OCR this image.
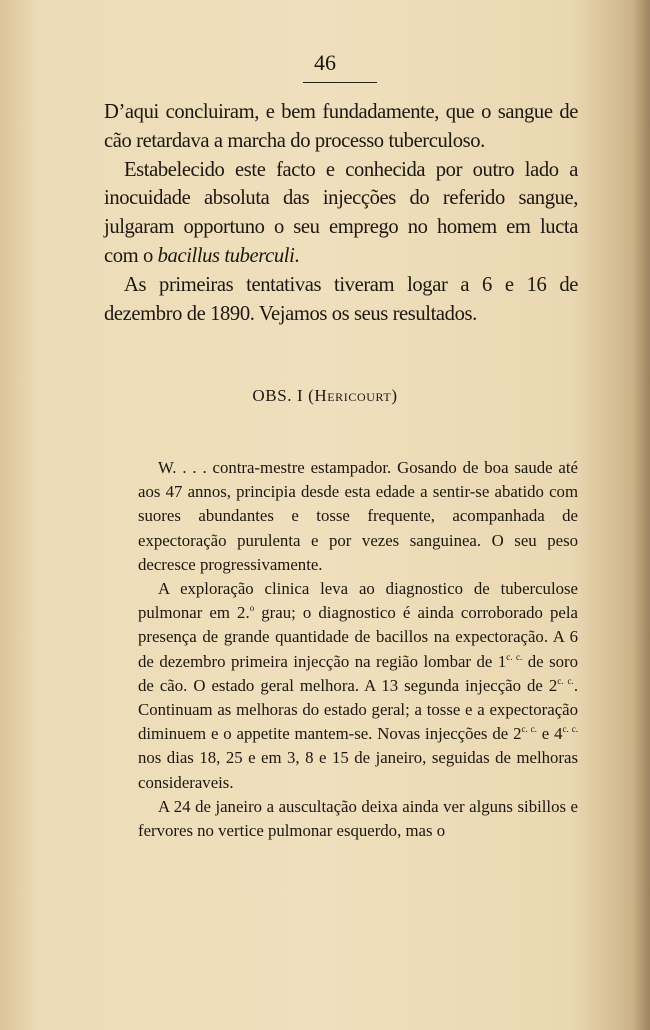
46

D’aqui concluiram, e bem fundadamente, que o sangue de cão retardava a marcha do processo tuberculoso.

Estabelecido este facto e conhecida por outro lado a inocuidade absoluta das injecções do referido sangue, julgaram opportuno o seu emprego no homem em lucta com o bacillus tuberculi.

As primeiras tentativas tiveram logar a 6 e 16 de dezembro de 1890. Vejamos os seus resultados.

OBS. I (Hericourt)

W. . . . contra-mestre estampador. Gosando de boa saude até aos 47 annos, principia desde esta edade a sentir-se abatido com suores abundantes e tosse frequente, acompanhada de expectoração purulenta e por vezes sanguinea. O seu peso decresce progressivamente.

A exploração clinica leva ao diagnostico de tuberculose pulmonar em 2.$^o$ grau; o diagnostico é ainda corroborado pela presença de grande quantidade de bacillos na expectoração. A 6 de dezembro primeira injecção na região lombar de $1^{c. c.}$ de soro de cão. O estado geral melhora. A 13 segunda injecção de $2^{c. c.}$. Continuam as melhoras do estado geral; a tosse e a expectoração diminuem e o appetite mantem-se. Novas injecções de $2^{c. c.}$ e $4^{c. c.}$ nos dias 18, 25 e em 3, 8 e 15 de janeiro, seguidas de melhoras consideraveis.

A 24 de janeiro a auscultação deixa ainda ver alguns sibillos e fervores no vertice pulmonar esquerdo, mas o
